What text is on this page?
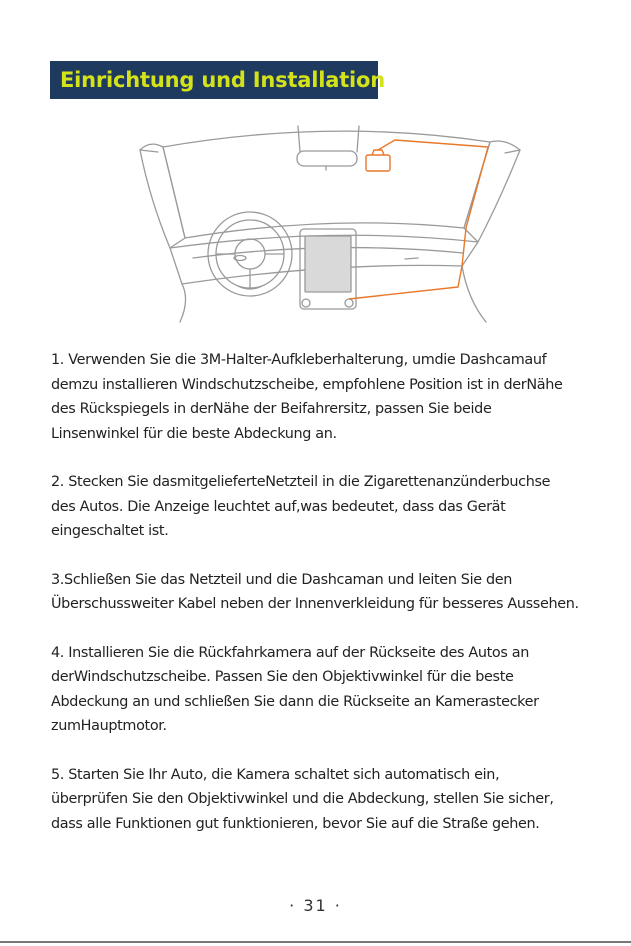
Einrichtung und Installation

1. Verwenden Sie die 3M-Halter-Aufkleberhalterung, umdie Dashcamauf
demzu installieren Windschutzscheibe, empfohlene Position ist in derNähe
des Rückspiegels in derNähe der Beifahrersitz, passen Sie beide
Linsenwinkel für die beste Abdeckung an.

2. Stecken Sie dasmitgelieferteNetzteil in die Zigarettenanzünderbuchse
des Autos. Die Anzeige leuchtet auf,was bedeutet, dass das Gerät
eingeschaltet ist.

3.Schließen Sie das Netzteil und die Dashcaman und leiten Sie den
Überschussweiter Kabel neben der Innenverkleidung für besseres Aussehen.

4. Installieren Sie die Rückfahrkamera auf der Rückseite des Autos an
derWindschutzscheibe. Passen Sie den Objektivwinkel für die beste
Abdeckung an und schließen Sie dann die Rückseite an Kamerastecker
zumHauptmotor.

5. Starten Sie Ihr Auto, die Kamera schaltet sich automatisch ein,
überprüfen Sie den Objektivwinkel und die Abdeckung, stellen Sie sicher,
dass alle Funktionen gut funktionieren, bevor Sie auf die Straße gehen.

· 31 ·
